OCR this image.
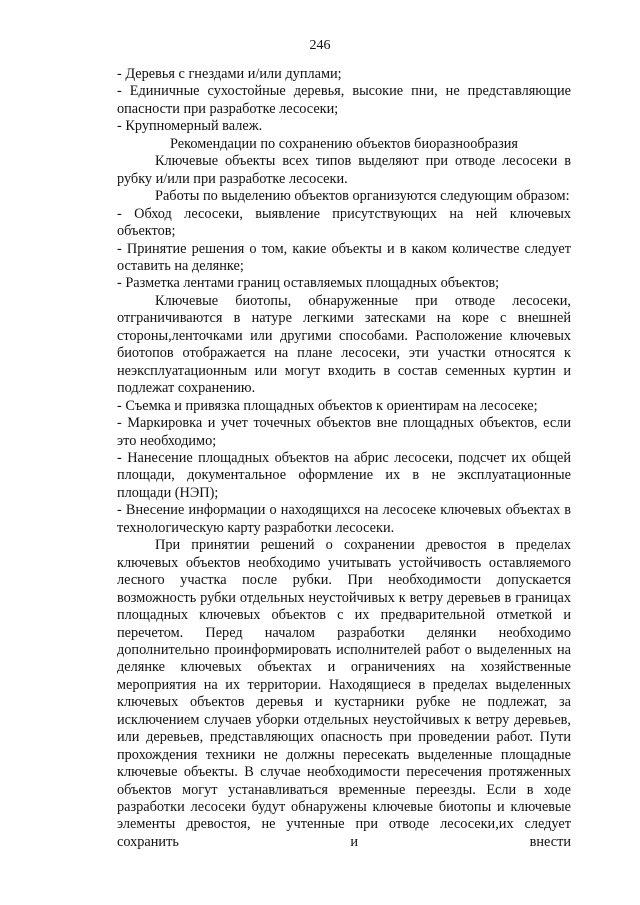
246

- Деревья с гнездами и/или дуплами;

- Единичные сухостойные деревья, высокие пни, не представляющие опасности при разработке лесосеки;

- Крупномерный валеж.

Рекомендации по сохранению объектов биоразнообразия

Ключевые объекты всех типов выделяют при отводе лесосеки в рубку и/или при разработке лесосеки.

Работы по выделению объектов организуются следующим образом:

- Обход лесосеки, выявление присутствующих на ней ключевых объектов;

- Принятие решения о том, какие объекты и в каком количестве следует оставить на делянке;

- Разметка лентами границ оставляемых площадных объектов;

Ключевые биотопы, обнаруженные при отводе лесосеки, отграничиваются в натуре легкими затесками на коре с внешней стороны,ленточками или другими способами. Расположение ключевых биотопов отображается на плане лесосеки, эти участки относятся к неэксплуатационным или могут входить в состав семенных куртин и подлежат сохранению.

- Съемка и привязка площадных объектов к ориентирам на лесосеке;

- Маркировка и учет точечных объектов вне площадных объектов, если это необходимо;

- Нанесение площадных объектов на абрис лесосеки, подсчет их общей площади, документальное оформление их в не эксплуатационные площади (НЭП);

- Внесение информации о находящихся на лесосеке ключевых объектах в технологическую карту разработки лесосеки.

При принятии решений о сохранении древостоя в пределах ключевых объектов необходимо учитывать устойчивость оставляемого лесного участка после рубки. При необходимости допускается возможность рубки отдельных неустойчивых к ветру деревьев в границах площадных ключевых объектов с их предварительной отметкой и перечетом. Перед началом разработки делянки необходимо дополнительно проинформировать исполнителей работ о выделенных на делянке ключевых объектах и ограничениях на хозяйственные мероприятия на их территории. Находящиеся в пределах выделенных ключевых объектов деревья и кустарники рубке не подлежат, за исключением случаев уборки отдельных неустойчивых к ветру деревьев, или деревьев, представляющих опасность при проведении работ. Пути прохождения техники не должны пересекать выделенные площадные ключевые объекты. В случае необходимости пересечения протяженных объектов могут устанавливаться временные переезды. Если в ходе разработки лесосеки будут обнаружены ключевые биотопы и ключевые элементы древостоя, не учтенные при отводе лесосеки,их следует сохранить и внести
